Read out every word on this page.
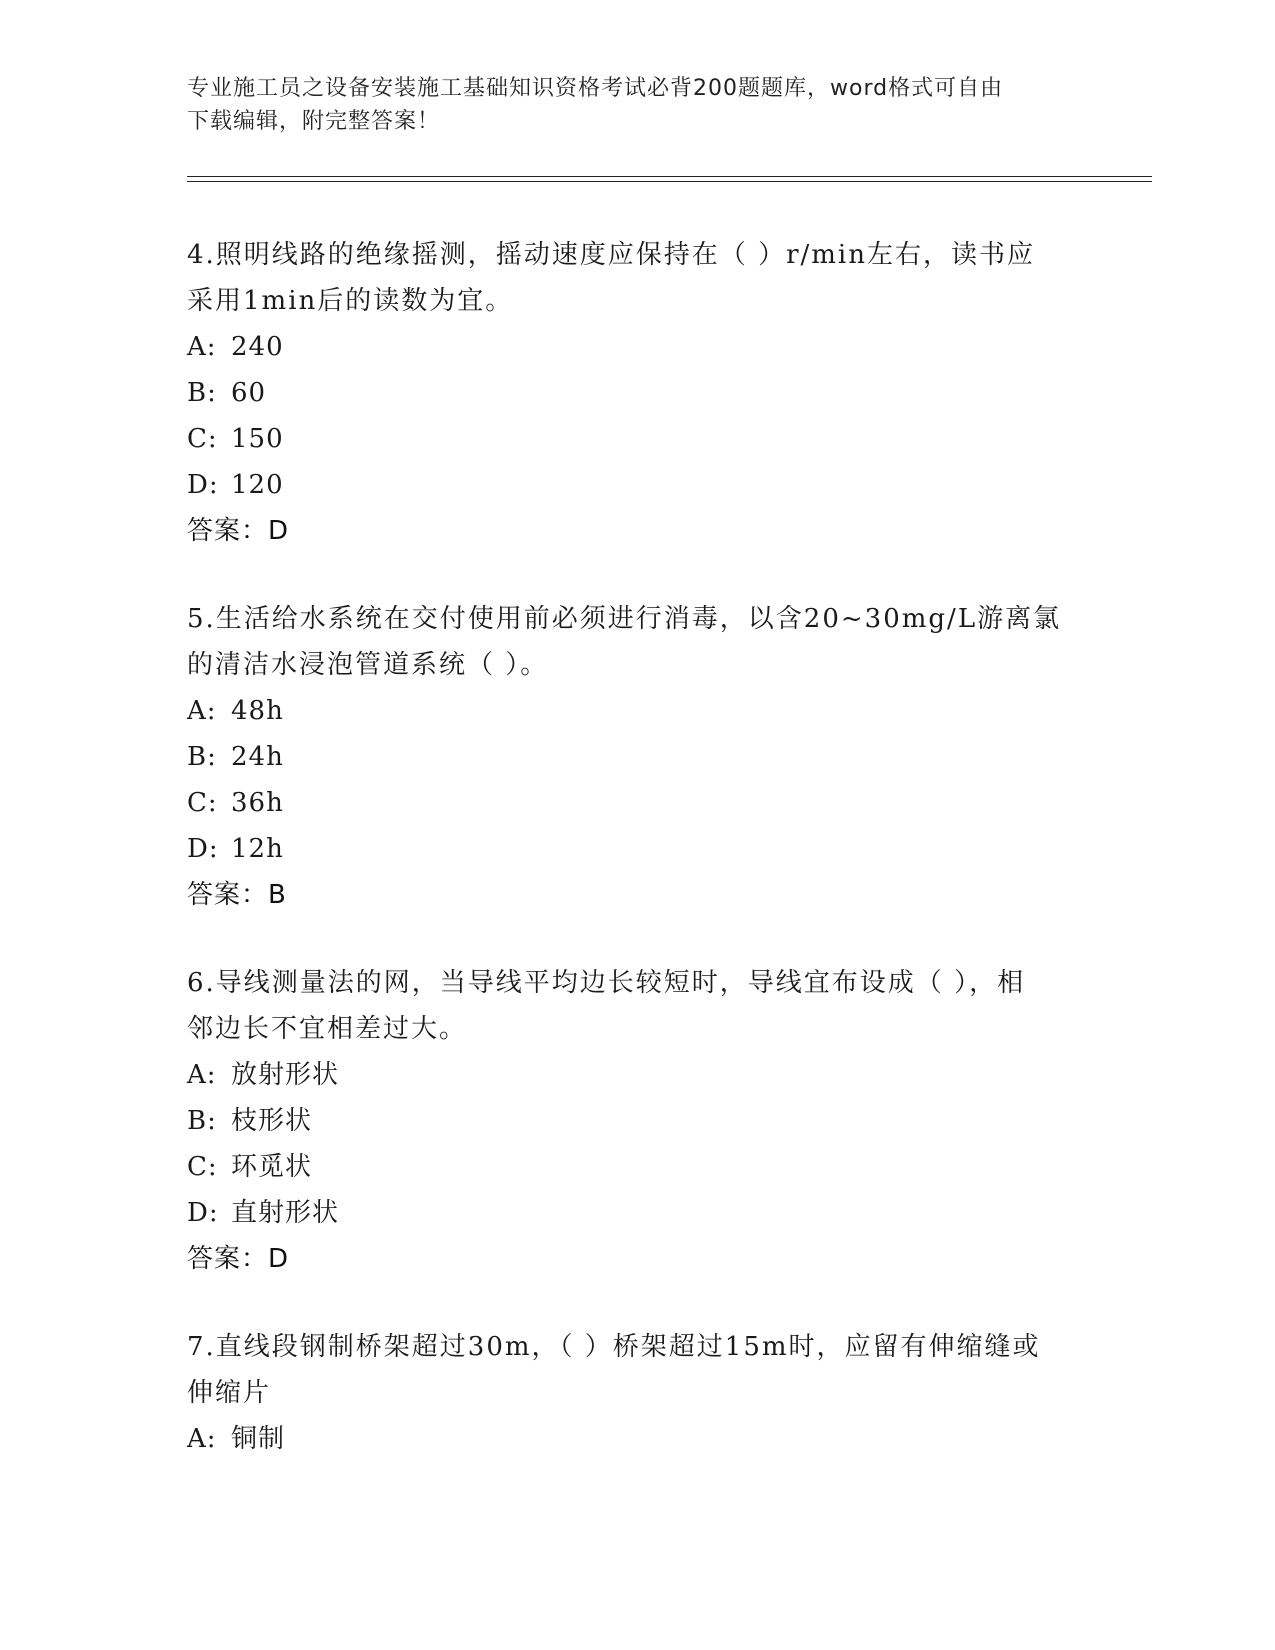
专业施工员之设备安装施工基础知识资格考试必背200题题库，word格式可自由
下载编辑，附完整答案！

4.照明线路的绝缘摇测，摇动速度应保持在（ ）r/min左右，读书应

采用1min后的读数为宜。

A: 240

B: 60

C: 150

D: 120

答案：D

5.生活给水系统在交付使用前必须进行消毒，以含20~30mg/L游离氯

的清洁水浸泡管道系统（ ）。

A: 48h

B: 24h

C: 36h

D: 12h

答案：B

6.导线测量法的网，当导线平均边长较短时，导线宜布设成（ ），相

邻边长不宜相差过大。

A: 放射形状

B: 枝形状

C: 环觅状

D: 直射形状

答案：D

7.直线段钢制桥架超过30m，（ ）桥架超过15m时，应留有伸缩缝或

伸缩片

A: 铜制
